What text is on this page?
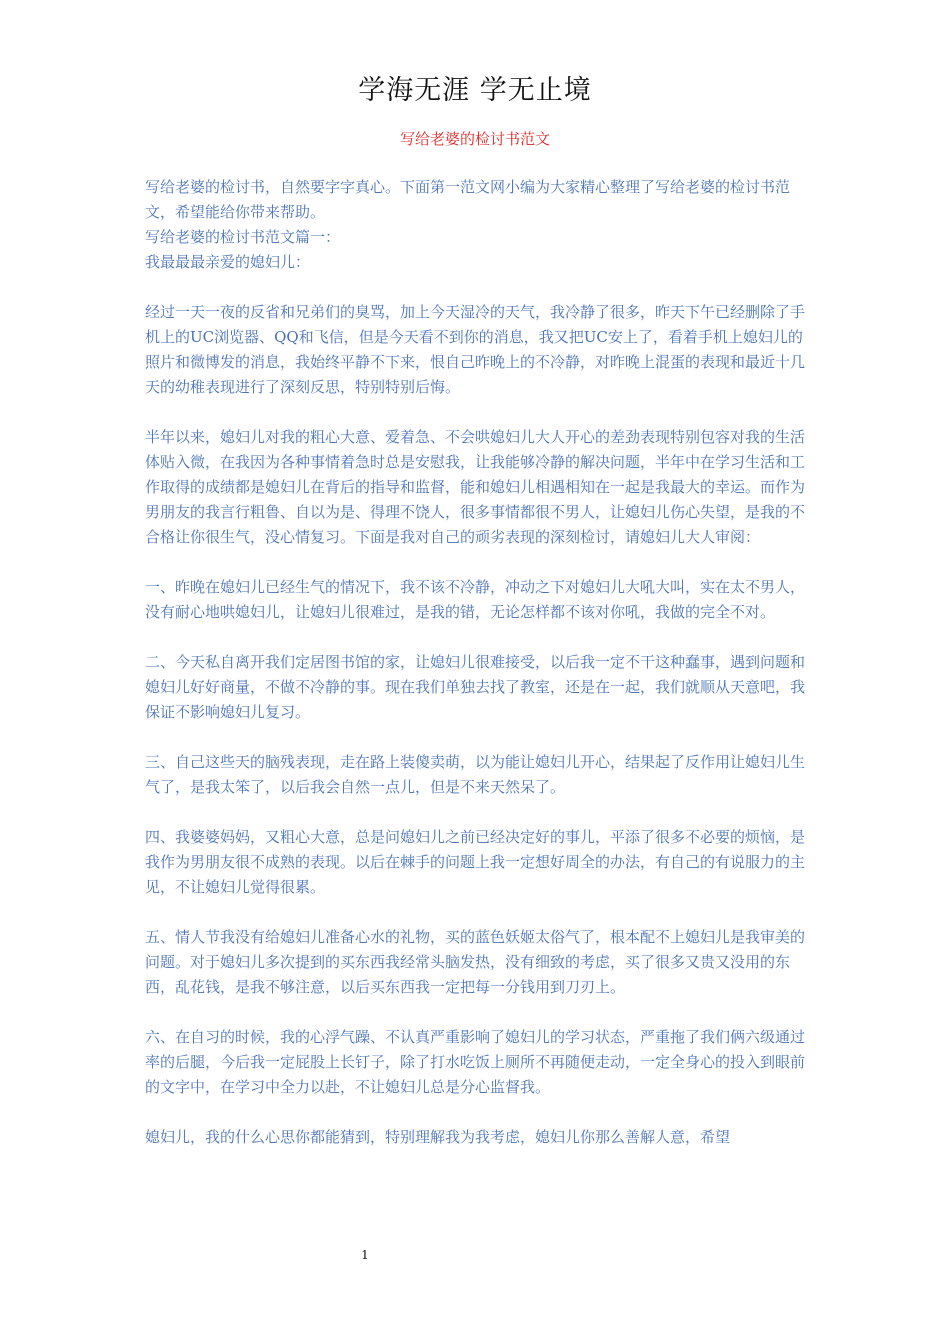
学海无涯 学无止境
写给老婆的检讨书范文

写给老婆的检讨书，自然要字字真心。下面第一范文网小编为大家精心整理了写给老婆的检讨书范文，希望能给你带来帮助。

写给老婆的检讨书范文篇一：

我最最最亲爱的媳妇儿：

经过一天一夜的反省和兄弟们的臭骂，加上今天湿冷的天气，我冷静了很多，昨天下午已经删除了手机上的UC浏览器、QQ和飞信，但是今天看不到你的消息，我又把UC安上了，看着手机上媳妇儿的照片和微博发的消息，我始终平静不下来，恨自己昨晚上的不冷静，对昨晚上混蛋的表现和最近十几天的幼稚表现进行了深刻反思，特别特别后悔。

半年以来，媳妇儿对我的粗心大意、爱着急、不会哄媳妇儿大人开心的差劲表现特别包容对我的生活体贴入微，在我因为各种事情着急时总是安慰我，让我能够冷静的解决问题，半年中在学习生活和工作取得的成绩都是媳妇儿在背后的指导和监督，能和媳妇儿相遇相知在一起是我最大的幸运。而作为男朋友的我言行粗鲁、自以为是、得理不饶人，很多事情都很不男人，让媳妇儿伤心失望，是我的不合格让你很生气，没心情复习。下面是我对自己的顽劣表现的深刻检讨，请媳妇儿大人审阅：

一、昨晚在媳妇儿已经生气的情况下，我不该不冷静，冲动之下对媳妇儿大吼大叫，实在太不男人，没有耐心地哄媳妇儿，让媳妇儿很难过，是我的错，无论怎样都不该对你吼，我做的完全不对。

二、今天私自离开我们定居图书馆的家，让媳妇儿很难接受，以后我一定不干这种蠢事，遇到问题和媳妇儿好好商量，不做不冷静的事。现在我们单独去找了教室，还是在一起，我们就顺从天意吧，我保证不影响媳妇儿复习。

三、自己这些天的脑残表现，走在路上装傻卖萌，以为能让媳妇儿开心，结果起了反作用让媳妇儿生气了，是我太笨了，以后我会自然一点儿，但是不来天然呆了。

四、我婆婆妈妈，又粗心大意，总是问媳妇儿之前已经决定好的事儿，平添了很多不必要的烦恼，是我作为男朋友很不成熟的表现。以后在棘手的问题上我一定想好周全的办法，有自己的有说服力的主见，不让媳妇儿觉得很累。

五、情人节我没有给媳妇儿准备心水的礼物，买的蓝色妖姬太俗气了，根本配不上媳妇儿是我审美的问题。对于媳妇儿多次提到的买东西我经常头脑发热，没有细致的考虑，买了很多又贵又没用的东西，乱花钱，是我不够注意，以后买东西我一定把每一分钱用到刀刃上。

六、在自习的时候，我的心浮气躁、不认真严重影响了媳妇儿的学习状态，严重拖了我们俩六级通过率的后腿，今后我一定屁股上长钉子，除了打水吃饭上厕所不再随便走动，一定全身心的投入到眼前的文字中，在学习中全力以赴，不让媳妇儿总是分心监督我。

媳妇儿，我的什么心思你都能猜到，特别理解我为我考虑，媳妇儿你那么善解人意，希望

1
